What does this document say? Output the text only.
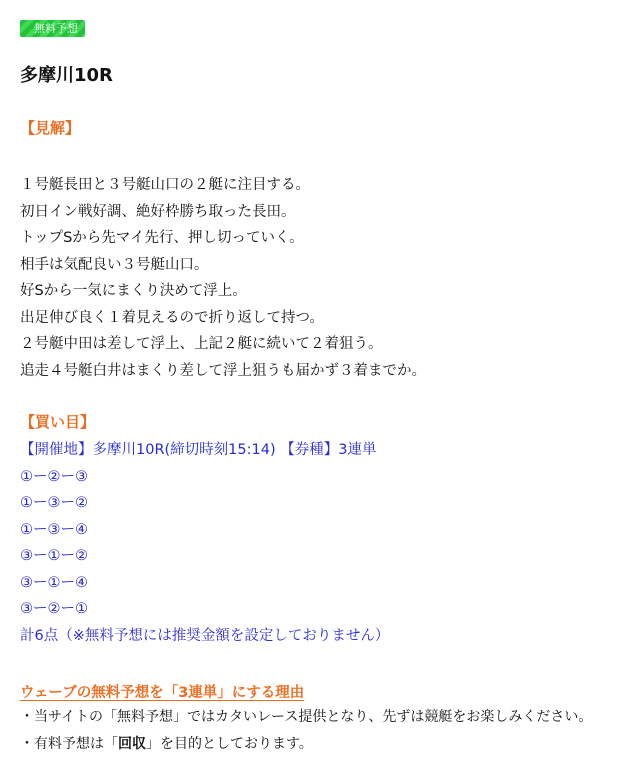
無料予想
多摩川10R
【見解】
１号艇長田と３号艇山口の２艇に注目する。
初日イン戦好調、絶好枠勝ち取った長田。
トップSから先マイ先行、押し切っていく。
相手は気配良い３号艇山口。
好Sから一気にまくり決めて浮上。
出足伸び良く１着見えるので折り返して持つ。
２号艇中田は差して浮上、上記２艇に続いて２着狙う。
追走４号艇白井はまくり差して浮上狙うも届かず３着までか。
【買い目】
【開催地】多摩川10R(締切時刻15:14) 【券種】3連単
①ー②ー③
①ー③ー②
①ー③ー④
③ー①ー②
③ー①ー④
③ー②ー①
計6点（※無料予想には推奨金額を設定しておりません）
ウェーブの無料予想を「3連単」にする理由
・当サイトの「無料予想」ではカタいレース提供となり、先ずは競艇をお楽しみください。
・有料予想は「回収」を目的としております。
